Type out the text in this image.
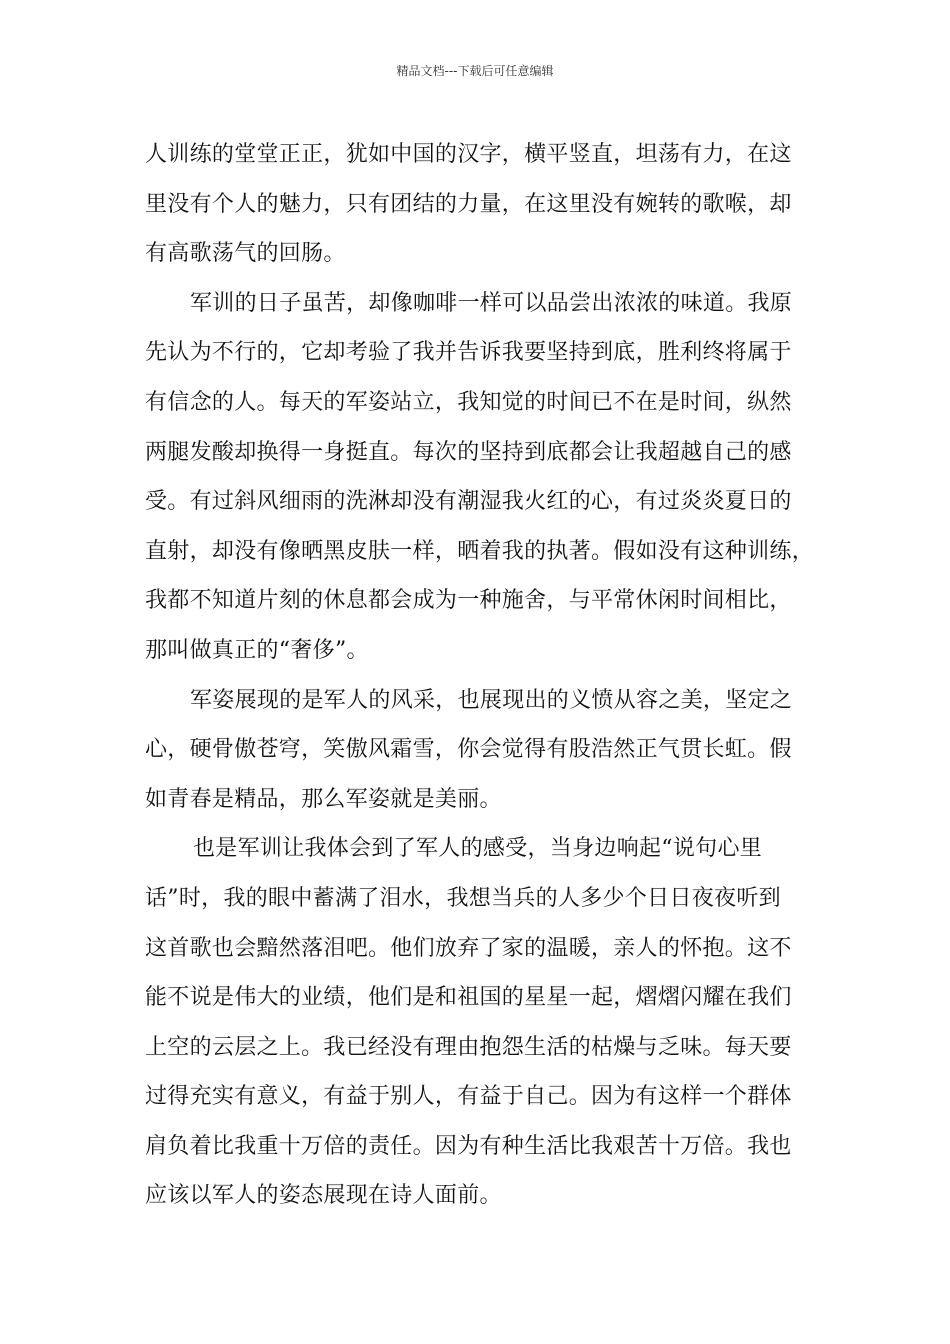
精品文档---下载后可任意编辑
人训练的堂堂正正，犹如中国的汉字，横平竖直，坦荡有力，在这
里没有个人的魅力，只有团结的力量，在这里没有婉转的歌喉，却
有高歌荡气的回肠。
军训的日子虽苦，却像咖啡一样可以品尝出浓浓的味道。我原
先认为不行的，它却考验了我并告诉我要坚持到底，胜利终将属于
有信念的人。每天的军姿站立，我知觉的时间已不在是时间，纵然
两腿发酸却换得一身挺直。每次的坚持到底都会让我超越自己的感
受。有过斜风细雨的洗淋却没有潮湿我火红的心，有过炎炎夏日的
直射，却没有像晒黑皮肤一样，晒着我的执著。假如没有这种训练，
我都不知道片刻的休息都会成为一种施舍，与平常休闲时间相比，
那叫做真正的“奢侈”。
军姿展现的是军人的风采，也展现出的义愤从容之美，坚定之
心，硬骨傲苍穹，笑傲风霜雪，你会觉得有股浩然正气贯长虹。假
如青春是精品，那么军姿就是美丽。
也是军训让我体会到了军人的感受，当身边响起“说句心里
话”时，我的眼中蓄满了泪水，我想当兵的人多少个日日夜夜听到
这首歌也会黯然落泪吧。他们放弃了家的温暖，亲人的怀抱。这不
能不说是伟大的业绩，他们是和祖国的星星一起，熠熠闪耀在我们
上空的云层之上。我已经没有理由抱怨生活的枯燥与乏味。每天要
过得充实有意义，有益于别人，有益于自己。因为有这样一个群体
肩负着比我重十万倍的责任。因为有种生活比我艰苦十万倍。我也
应该以军人的姿态展现在诗人面前。
